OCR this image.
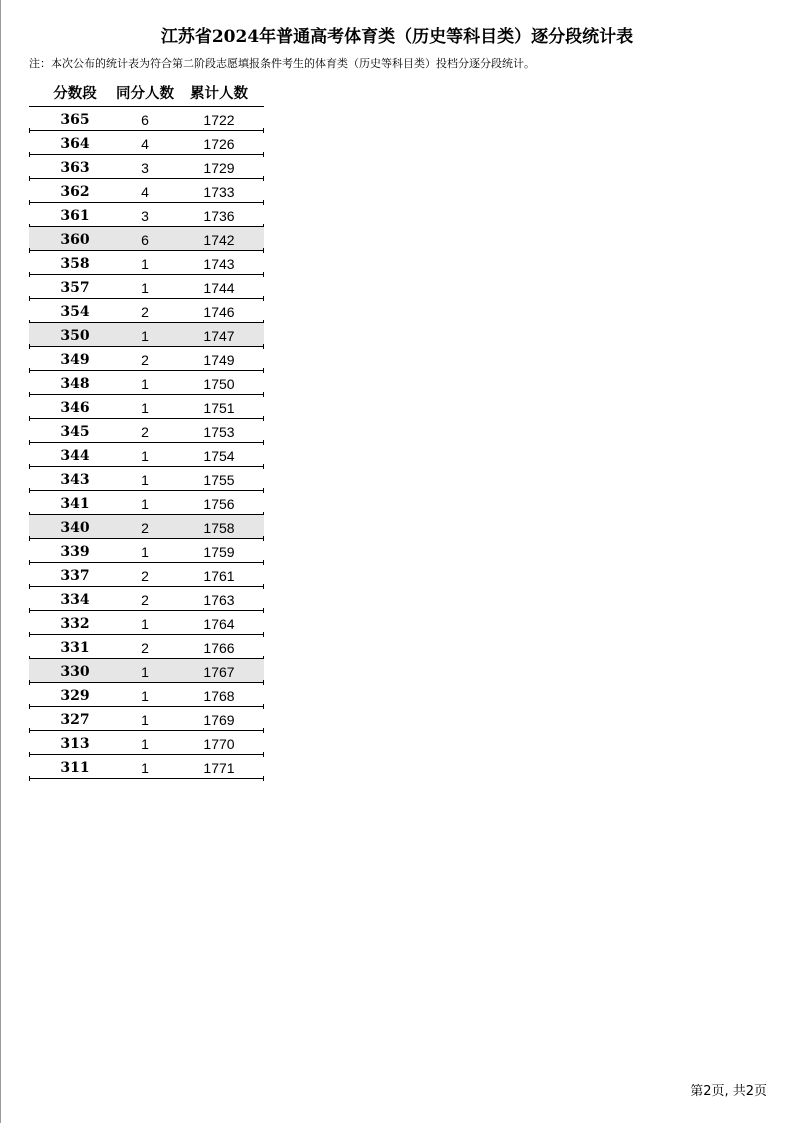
江苏省2024年普通高考体育类（历史等科目类）逐分段统计表
注：本次公布的统计表为符合第二阶段志愿填报条件考生的体育类（历史等科目类）投档分逐分段统计。
分数段	同分人数	累计人数
365	6	1722
364	4	1726
363	3	1729
362	4	1733
361	3	1736
360	6	1742
358	1	1743
357	1	1744
354	2	1746
350	1	1747
349	2	1749
348	1	1750
346	1	1751
345	2	1753
344	1	1754
343	1	1755
341	1	1756
340	2	1758
339	1	1759
337	2	1761
334	2	1763
332	1	1764
331	2	1766
330	1	1767
329	1	1768
327	1	1769
313	1	1770
311	1	1771
第2页, 共2页
